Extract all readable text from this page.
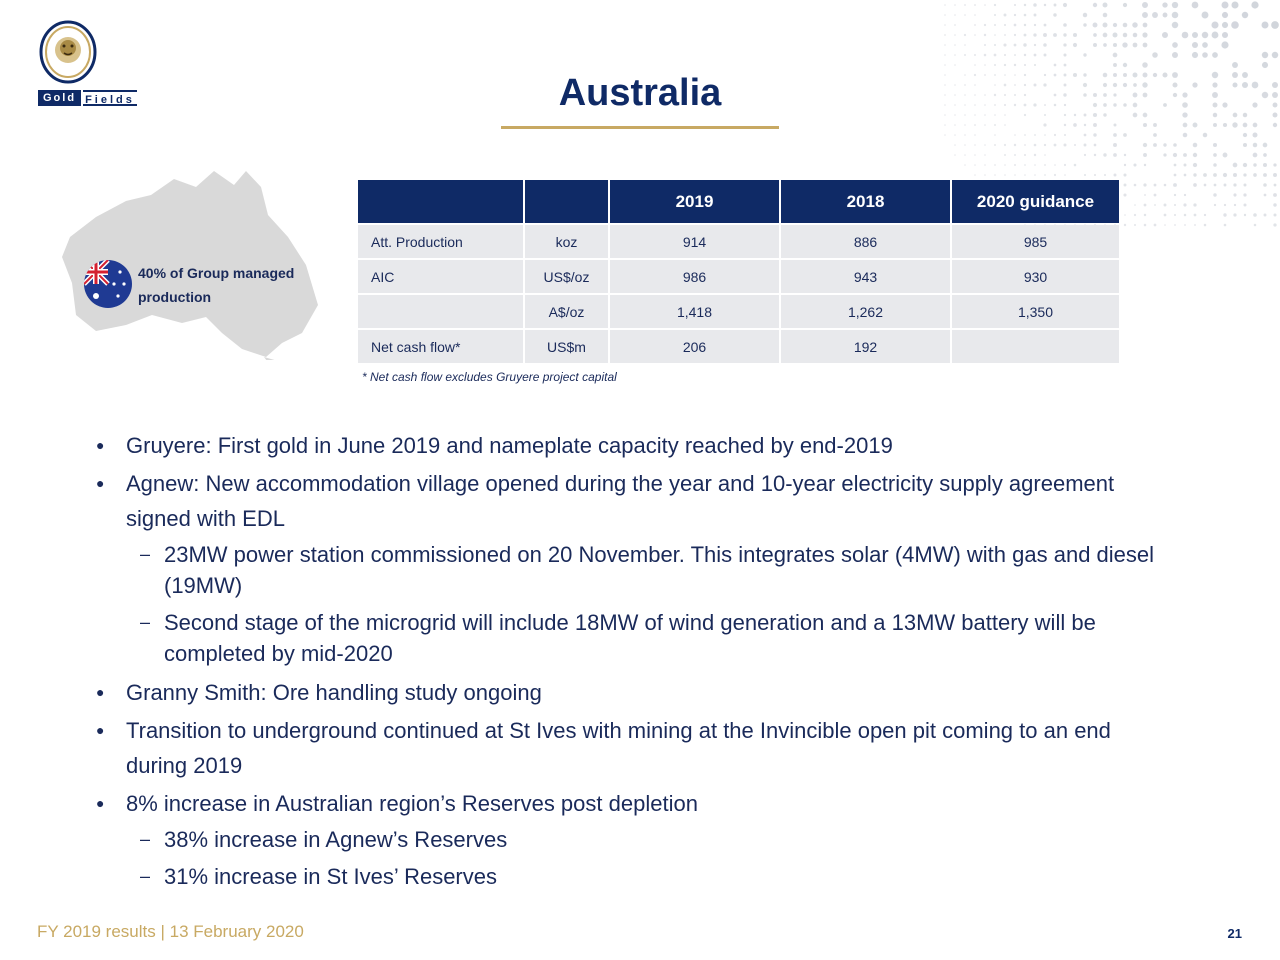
Gold Fields	Australia
40% of Group managed production
		2019	2018	2020 guidance
Att. Production	koz	914	886	985
AIC	US$/oz	986	943	930
	A$/oz	1,418	1,262	1,350
Net cash flow*	US$m	206	192	
* Net cash flow excludes Gruyere project capital
● Gruyere: First gold in June 2019 and nameplate capacity reached by end-2019
● Agnew: New accommodation village opened during the year and 10-year electricity supply agreement signed with EDL
– 23MW power station commissioned on 20 November. This integrates solar (4MW) with gas and diesel (19MW)
– Second stage of the microgrid will include 18MW of wind generation and a 13MW battery will be completed by mid-2020
● Granny Smith: Ore handling study ongoing
● Transition to underground continued at St Ives with mining at the Invincible open pit coming to an end during 2019
● 8% increase in Australian region’s Reserves post depletion
– 38% increase in Agnew’s Reserves
– 31% increase in St Ives’ Reserves
FY 2019 results | 13 February 2020	21
